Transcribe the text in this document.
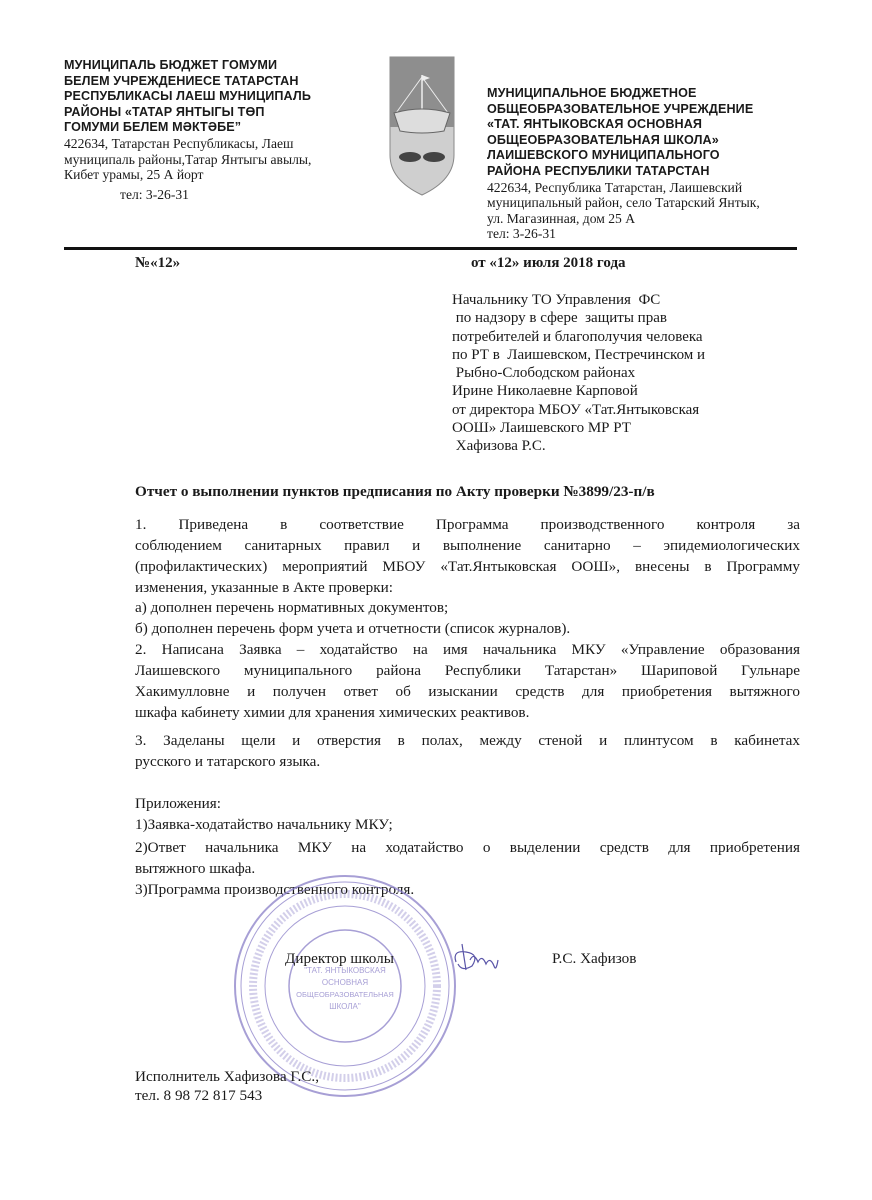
МУНИЦИПАЛЬ БЮДЖЕТ ГОМУМИ
БЕЛЕМ УЧРЕЖДЕНИЕСЕ ТАТАРСТАН
РЕСПУБЛИКАСЫ ЛАЕШ МУНИЦИПАЛЬ
РАЙОНЫ «ТАТАР ЯНТЫГЫ ТӨП
ГОМУМИ БЕЛЕМ МӘКТӘБЕ”
422634, Татарстан Республикасы, Лаеш
муниципаль районы,Татар Янтыгы авылы,
Кибет урамы, 25 А йорт
тел: 3-26-31
МУНИЦИПАЛЬНОЕ БЮДЖЕТНОЕ
ОБЩЕОБРАЗОВАТЕЛЬНОЕ УЧРЕЖДЕНИЕ
«ТАТ. ЯНТЫКОВСКАЯ ОСНОВНАЯ
ОБЩЕОБРАЗОВАТЕЛЬНАЯ ШКОЛА»
ЛАИШЕВСКОГО МУНИЦИПАЛЬНОГО
РАЙОНА РЕСПУБЛИКИ ТАТАРСТАН
422634, Республика Татарстан, Лаишевский
муниципальный район, село Татарский Янтык,
ул. Магазинная, дом 25 А
тел: 3-26-31
№«12»	от «12» июля 2018 года
Начальнику ТО Управления  ФС
по надзору в сфере  защиты прав
потребителей и благополучия человека
по РТ в  Лаишевском, Пестречинском и
Рыбно-Слободском районах
Ирине Николаевне Карповой
от директора МБОУ «Тат.Янтыковская
ООШ» Лаишевского МР РТ
Хафизова Р.С.
Отчет о выполнении пунктов предписания по Акту проверки №3899/23-п/в
1. Приведена в соответствие Программа производственного контроля за
соблюдением санитарных правил и выполнение санитарно – эпидемиологических
(профилактических) мероприятий МБОУ «Тат.Янтыковская ООШ», внесены в Программу
изменения, указанные в Акте проверки:
а) дополнен перечень нормативных документов;
б) дополнен перечень форм учета и отчетности (список журналов).
2. Написана Заявка – ходатайство на имя начальника МКУ «Управление образования
Лаишевского муниципального района Республики Татарстан» Шариповой Гульнаре
Хакимулловне и получен ответ об изыскании средств для приобретения вытяжного
шкафа кабинету химии для хранения химических реактивов.
3. Заделаны щели и отверстия в полах, между стеной и плинтусом в кабинетах
русского и татарского языка.
Приложения:
1)Заявка-ходатайство начальнику МКУ;
2)Ответ начальника МКУ на ходатайство о выделении средств для приобретения
вытяжного шкафа.
3)Программа производственного контроля.
"ТАТ. ЯНТЫКОВСКАЯ
ОСНОВНАЯ
ОБЩЕОБРАЗОВАТЕЛЬНАЯ
ШКОЛА"
Директор школы	Р.С. Хафизов
Исполнитель Хафизова Г.С.,
тел. 8 98 72 817 543
